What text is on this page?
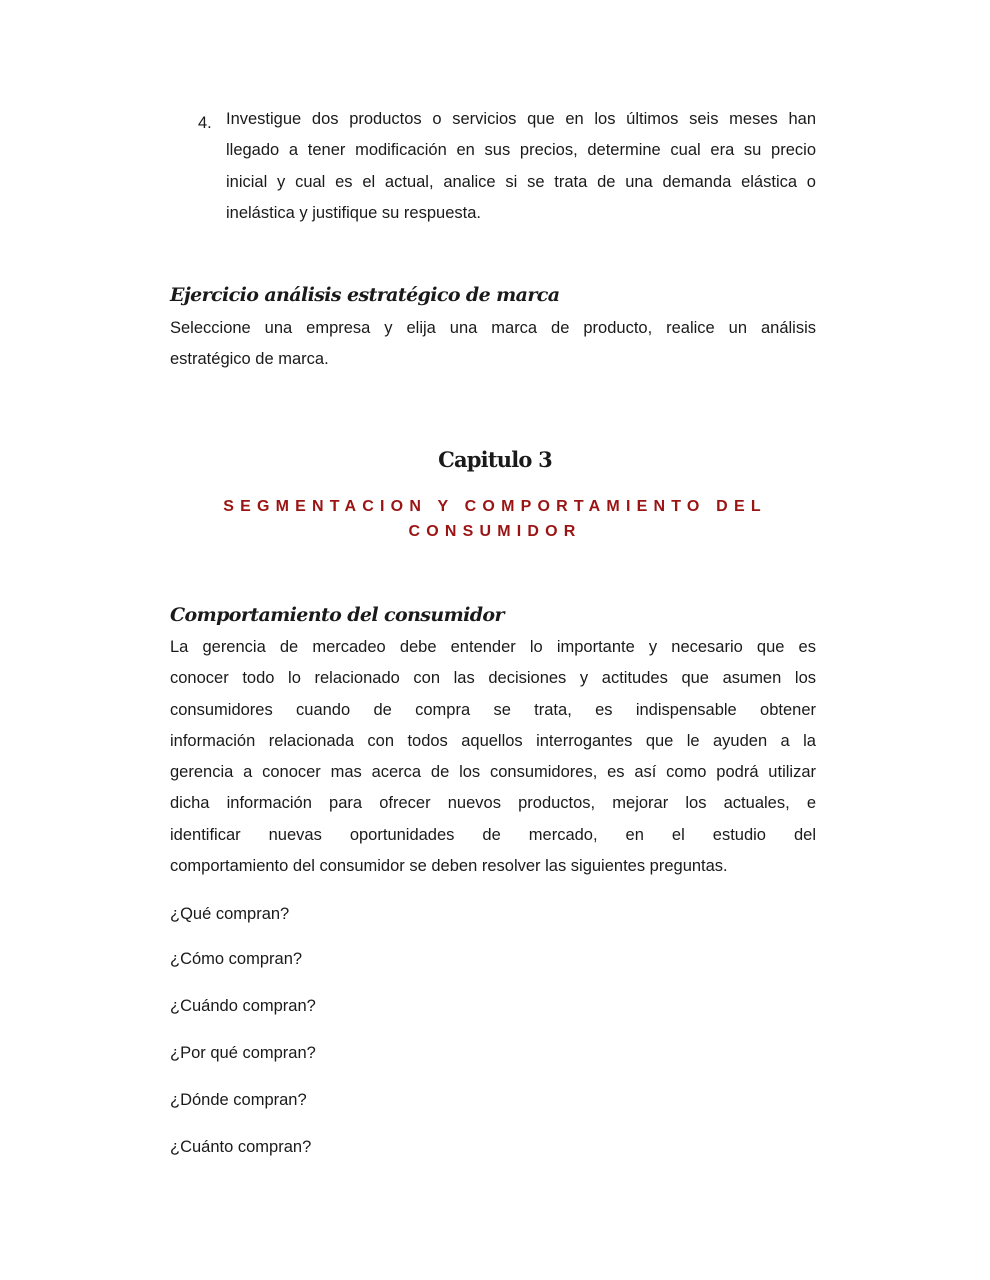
4. Investigue dos productos o servicios que en los últimos seis meses han
llegado a tener modificación en sus precios, determine cual era su precio
inicial y cual es el actual, analice si se trata de una demanda elástica o
inelástica y justifique su respuesta.
Ejercicio análisis estratégico de marca
Seleccione una empresa y elija una marca de producto, realice un análisis
estratégico de marca.
Capitulo 3
SEGMENTACION Y COMPORTAMIENTO DEL
CONSUMIDOR
Comportamiento del consumidor
La gerencia de mercadeo debe entender lo importante y necesario que es
conocer todo lo relacionado con las decisiones y actitudes que asumen los
consumidores cuando de compra se trata, es indispensable obtener
información relacionada con todos aquellos interrogantes que le ayuden a la
gerencia a conocer mas acerca de los consumidores, es así como podrá utilizar
dicha información para ofrecer nuevos productos, mejorar los actuales, e
identificar nuevas oportunidades de mercado, en el estudio del
comportamiento del consumidor se deben resolver las siguientes preguntas.
¿Qué compran?
¿Cómo compran?
¿Cuándo compran?
¿Por qué compran?
¿Dónde compran?
¿Cuánto compran?
